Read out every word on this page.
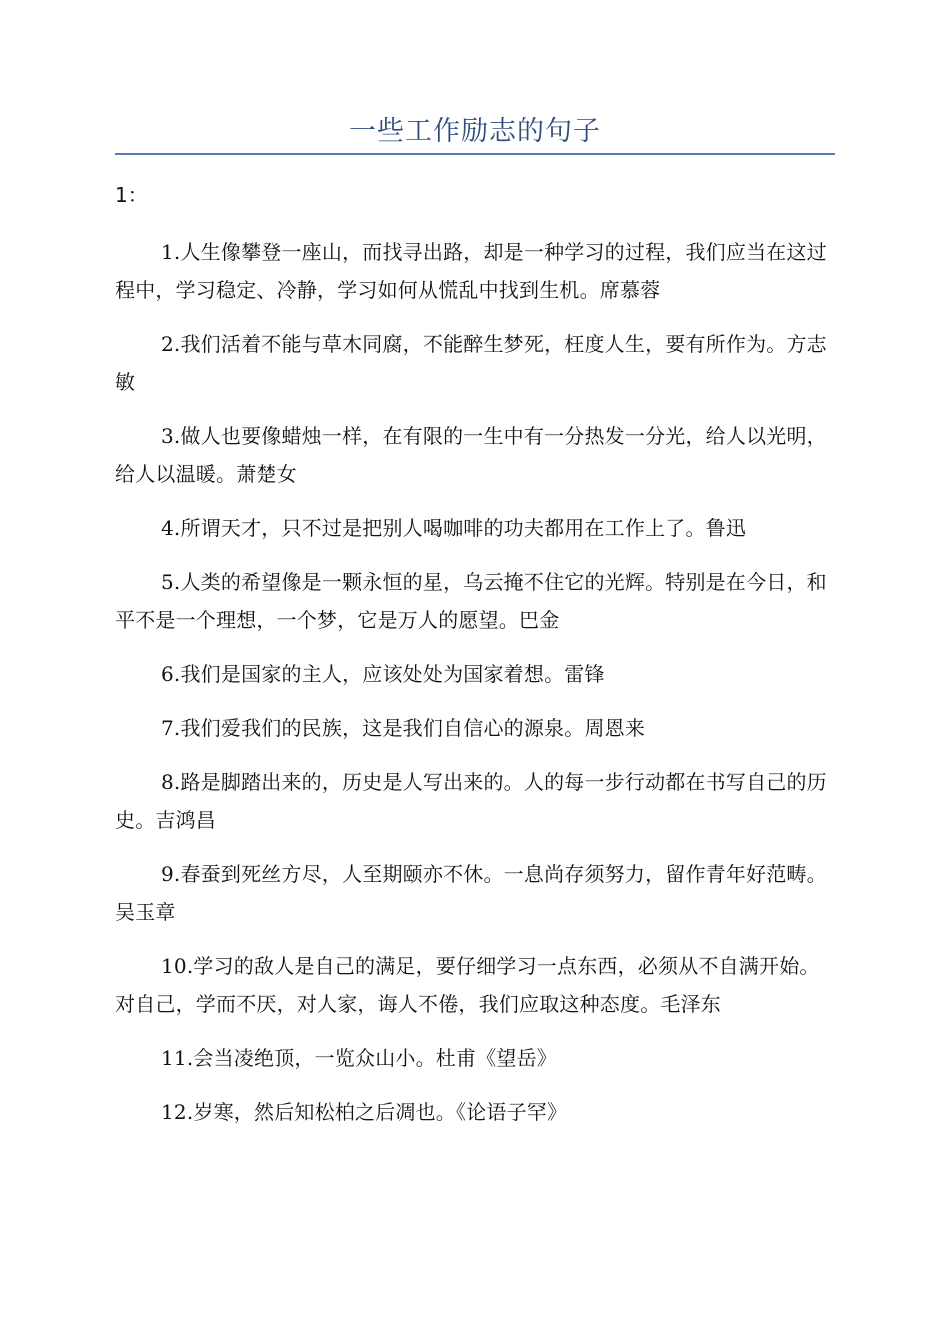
一些工作励志的句子
1：
1.人生像攀登一座山，而找寻出路，却是一种学习的过程，我们应当在这过程中，学习稳定、冷静，学习如何从慌乱中找到生机。席慕蓉
2.我们活着不能与草木同腐，不能醉生梦死，枉度人生，要有所作为。方志敏
3.做人也要像蜡烛一样，在有限的一生中有一分热发一分光，给人以光明，给人以温暖。萧楚女
4.所谓天才，只不过是把别人喝咖啡的功夫都用在工作上了。鲁迅
5.人类的希望像是一颗永恒的星，乌云掩不住它的光辉。特别是在今日，和平不是一个理想，一个梦，它是万人的愿望。巴金
6.我们是国家的主人，应该处处为国家着想。雷锋
7.我们爱我们的民族，这是我们自信心的源泉。周恩来
8.路是脚踏出来的，历史是人写出来的。人的每一步行动都在书写自己的历史。吉鸿昌
9.春蚕到死丝方尽，人至期颐亦不休。一息尚存须努力，留作青年好范畴。吴玉章
10.学习的敌人是自己的满足，要仔细学习一点东西，必须从不自满开始。对自己，学而不厌，对人家，诲人不倦，我们应取这种态度。毛泽东
11.会当凌绝顶，一览众山小。杜甫《望岳》
12.岁寒，然后知松柏之后凋也。《论语子罕》
